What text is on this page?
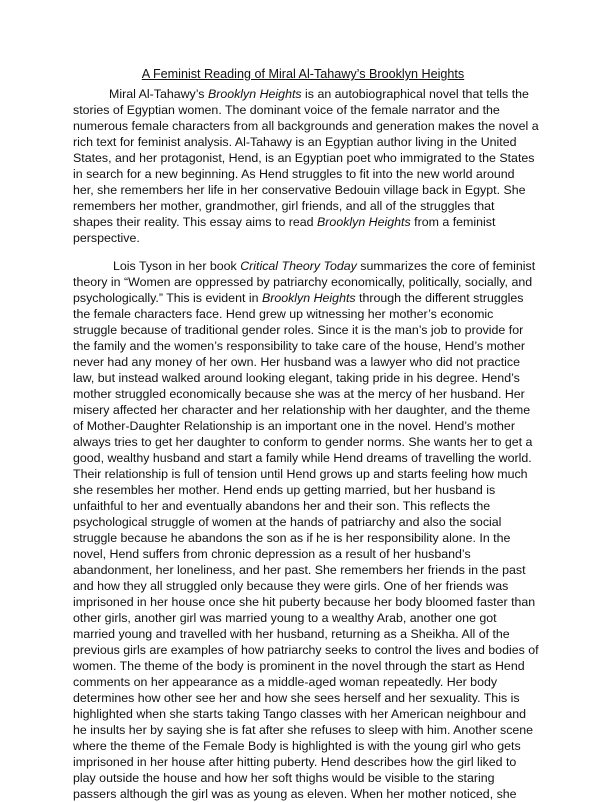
A Feminist Reading of Miral Al-Tahawy’s Brooklyn Heights

Miral Al-Tahawy’s Brooklyn Heights is an autobiographical novel that tells the
stories of Egyptian women. The dominant voice of the female narrator and the
numerous female characters from all backgrounds and generation makes the novel a
rich text for feminist analysis. Al-Tahawy is an Egyptian author living in the United
States, and her protagonist, Hend, is an Egyptian poet who immigrated to the States
in search for a new beginning. As Hend struggles to fit into the new world around
her, she remembers her life in her conservative Bedouin village back in Egypt. She
remembers her mother, grandmother, girl friends, and all of the struggles that
shapes their reality. This essay aims to read Brooklyn Heights from a feminist
perspective.
Lois Tyson in her book Critical Theory Today summarizes the core of feminist
theory in “Women are oppressed by patriarchy economically, politically, socially, and
psychologically.” This is evident in Brooklyn Heights through the different struggles
the female characters face. Hend grew up witnessing her mother’s economic
struggle because of traditional gender roles. Since it is the man’s job to provide for
the family and the women’s responsibility to take care of the house, Hend’s mother
never had any money of her own. Her husband was a lawyer who did not practice
law, but instead walked around looking elegant, taking pride in his degree. Hend’s
mother struggled economically because she was at the mercy of her husband. Her
misery affected her character and her relationship with her daughter, and the theme
of Mother-Daughter Relationship is an important one in the novel. Hend’s mother
always tries to get her daughter to conform to gender norms. She wants her to get a
good, wealthy husband and start a family while Hend dreams of travelling the world.
Their relationship is full of tension until Hend grows up and starts feeling how much
she resembles her mother. Hend ends up getting married, but her husband is
unfaithful to her and eventually abandons her and their son. This reflects the
psychological struggle of women at the hands of patriarchy and also the social
struggle because he abandons the son as if he is her responsibility alone. In the
novel, Hend suffers from chronic depression as a result of her husband’s
abandonment, her loneliness, and her past. She remembers her friends in the past
and how they all struggled only because they were girls. One of her friends was
imprisoned in her house once she hit puberty because her body bloomed faster than
other girls, another girl was married young to a wealthy Arab, another one got
married young and travelled with her husband, returning as a Sheikha. All of the
previous girls are examples of how patriarchy seeks to control the lives and bodies of
women. The theme of the body is prominent in the novel through the start as Hend
comments on her appearance as a middle-aged woman repeatedly. Her body
determines how other see her and how she sees herself and her sexuality. This is
highlighted when she starts taking Tango classes with her American neighbour and
he insults her by saying she is fat after she refuses to sleep with him. Another scene
where the theme of the Female Body is highlighted is with the young girl who gets
imprisoned in her house after hitting puberty. Hend describes how the girl liked to
play outside the house and how her soft thighs would be visible to the staring
passers although the girl was as young as eleven. When her mother noticed, she
